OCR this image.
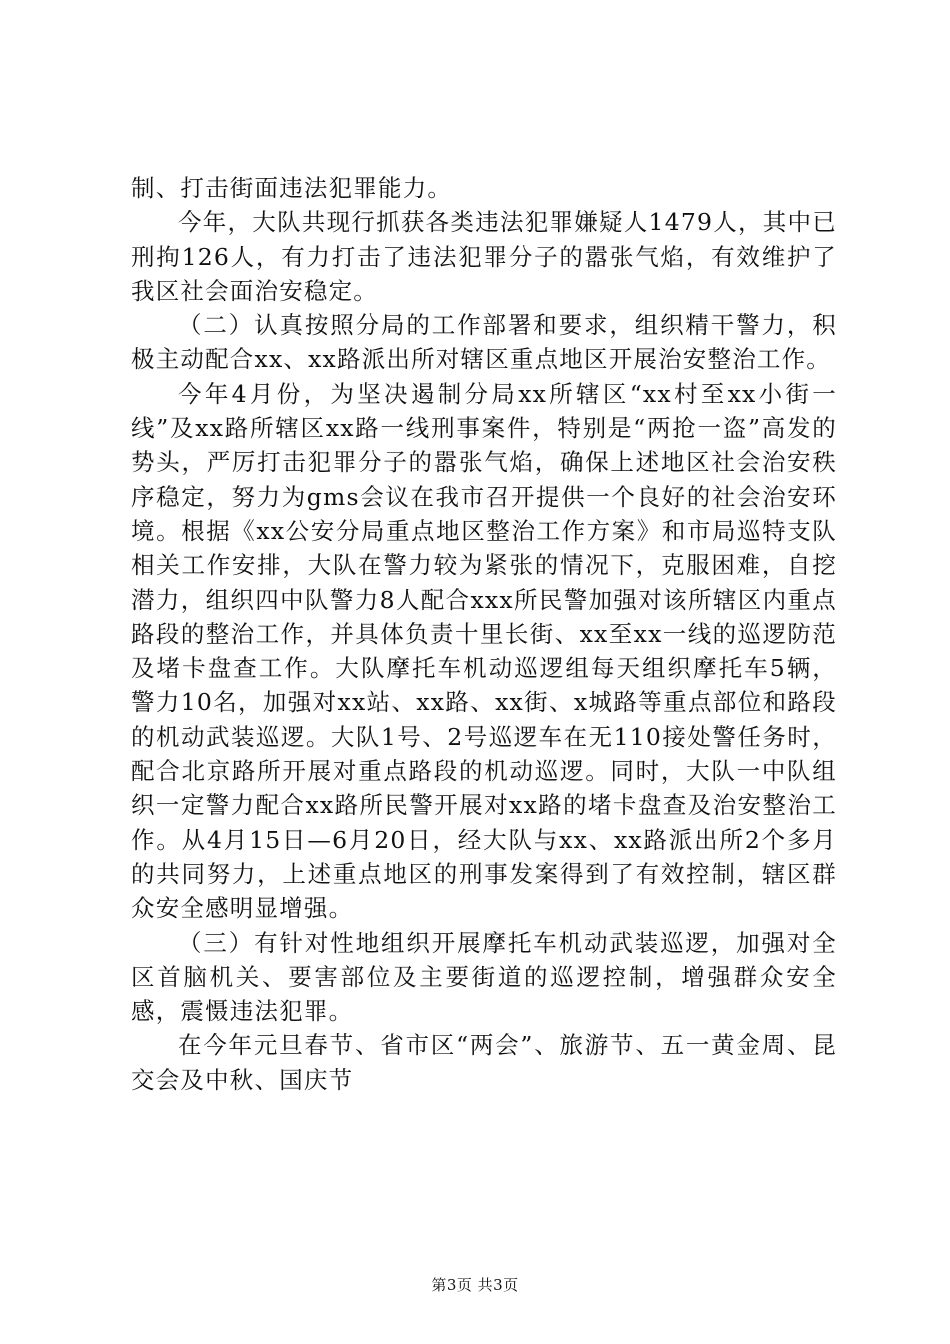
制、打击街面违法犯罪能力。

今年，大队共现行抓获各类违法犯罪嫌疑人1479人，其中已刑拘126人，有力打击了违法犯罪分子的嚣张气焰，有效维护了我区社会面治安稳定。

（二）认真按照分局的工作部署和要求，组织精干警力，积极主动配合xx、xx路派出所对辖区重点地区开展治安整治工作。

今年4月份，为坚决遏制分局xx所辖区“xx村至xx小街一线”及xx路所辖区xx路一线刑事案件，特别是“两抢一盗”高发的势头，严厉打击犯罪分子的嚣张气焰，确保上述地区社会治安秩序稳定，努力为gms会议在我市召开提供一个良好的社会治安环境。根据《xx公安分局重点地区整治工作方案》和市局巡特支队相关工作安排，大队在警力较为紧张的情况下，克服困难，自挖潜力，组织四中队警力8人配合xxx所民警加强对该所辖区内重点路段的整治工作，并具体负责十里长街、xx至xx一线的巡逻防范及堵卡盘查工作。大队摩托车机动巡逻组每天组织摩托车5辆，警力10名，加强对xx站、xx路、xx街、x城路等重点部位和路段的机动武装巡逻。大队1号、2号巡逻车在无110接处警任务时，配合北京路所开展对重点路段的机动巡逻。同时，大队一中队组织一定警力配合xx路所民警开展对xx路的堵卡盘查及治安整治工作。从4月15日—6月20日，经大队与xx、xx路派出所2个多月的共同努力，上述重点地区的刑事发案得到了有效控制，辖区群众安全感明显增强。

（三）有针对性地组织开展摩托车机动武装巡逻，加强对全区首脑机关、要害部位及主要街道的巡逻控制，增强群众安全感，震慑违法犯罪。

在今年元旦春节、省市区“两会”、旅游节、五一黄金周、昆交会及中秋、国庆节

第3页 共3页
